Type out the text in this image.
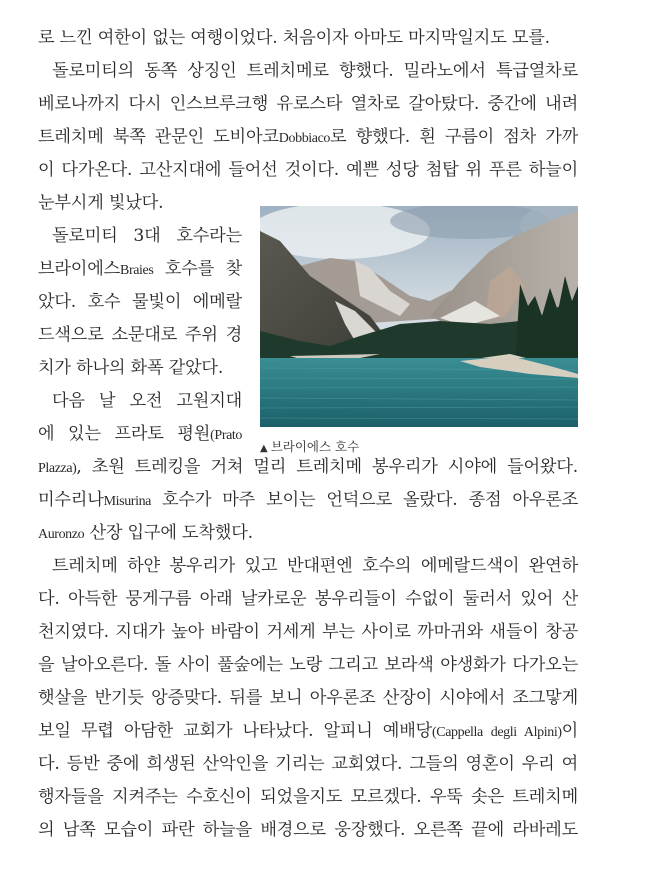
로 느낀 여한이 없는 여행이었다. 처음이자 아마도 마지막일지도 모를.
돌로미티의 동쪽 상징인 트레치메로 향했다. 밀라노에서 특급열차로
베로나까지 다시 인스브루크행 유로스타 열차로 갈아탔다. 중간에 내려
트레치메 북쪽 관문인 도비아코Dobbiaco로 향했다. 흰 구름이 점차 가까
이 다가온다. 고산지대에 들어선 것이다. 예쁜 성당 첨탑 위 푸른 하늘이
눈부시게 빛났다.
돌로미티 3대 호수라는
브라이에스Braies 호수를 찾
았다. 호수 물빛이 에메랄
드색으로 소문대로 주위 경
치가 하나의 화폭 같았다.
다음 날 오전 고원지대
에 있는 프라토 평원(Prato
Plazza), 초원 트레킹을 거쳐 멀리 트레치메 봉우리가 시야에 들어왔다.
미수리나Misurina 호수가 마주 보이는 언덕으로 올랐다. 종점 아우론조
Auronzo 산장 입구에 도착했다.
트레치메 하얀 봉우리가 있고 반대편엔 호수의 에메랄드색이 완연하
다. 아득한 뭉게구름 아래 날카로운 봉우리들이 수없이 둘러서 있어 산
천지였다. 지대가 높아 바람이 거세게 부는 사이로 까마귀와 새들이 창공
을 날아오른다. 돌 사이 풀숲에는 노랑 그리고 보라색 야생화가 다가오는
햇살을 반기듯 앙증맞다. 뒤를 보니 아우론조 산장이 시야에서 조그맣게
보일 무렵 아담한 교회가 나타났다. 알피니 예배당(Cappella degli Alpini)이
다. 등반 중에 희생된 산악인을 기리는 교회였다. 그들의 영혼이 우리 여
행자들을 지켜주는 수호신이 되었을지도 모르겠다. 우뚝 솟은 트레치메
의 남쪽 모습이 파란 하늘을 배경으로 웅장했다. 오른쪽 끝에 라바레도
▲ 브라이에스 호수
